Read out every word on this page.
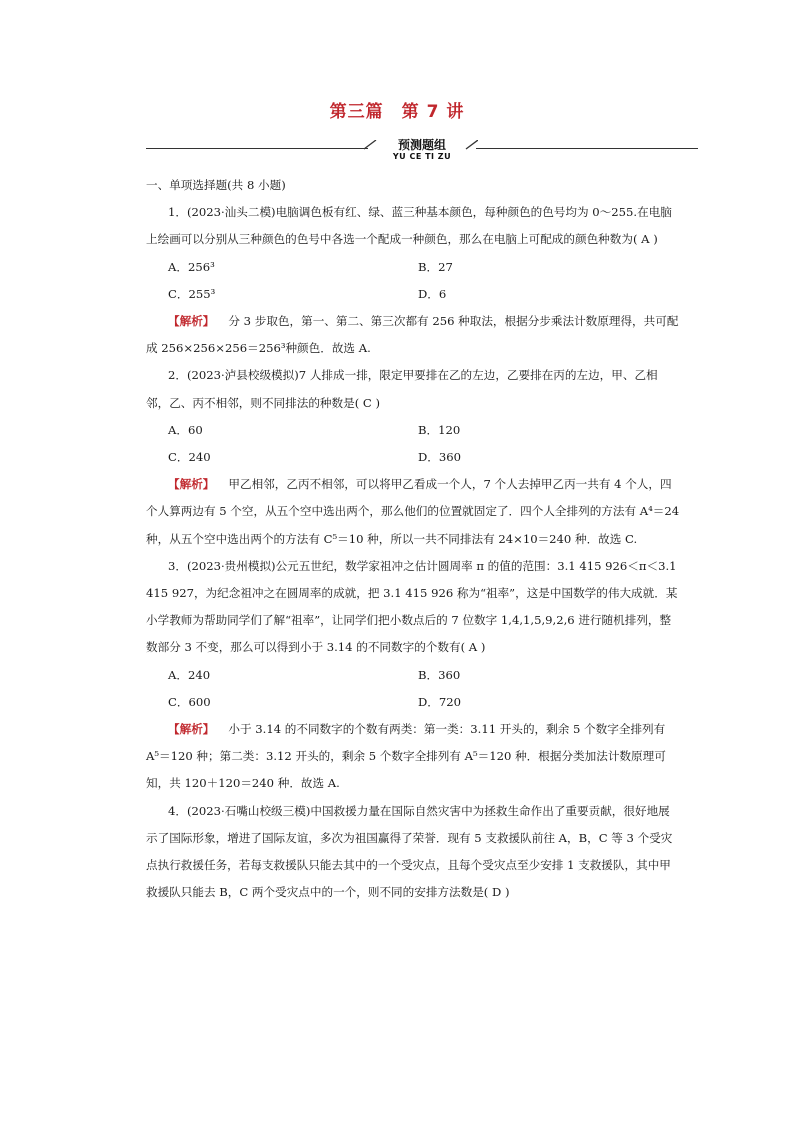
第三篇　第 7 讲
预测题组
YU CE TI ZU

一、单项选择题(共 8 小题)

1．(2023·汕头二模)电脑调色板有红、绿、蓝三种基本颜色，每种颜色的色号均为 0～255.在电脑上绘画可以分别从三种颜色的色号中各选一个配成一种颜色，那么在电脑上可配成的颜色种数为( A )

A．256³	B．27
C．255³	D．6

【解析】 分 3 步取色，第一、第二、第三次都有 256 种取法，根据分步乘法计数原理得，共可配成 256×256×256＝256³种颜色．故选 A.

2．(2023·泸县校级模拟)7 人排成一排，限定甲要排在乙的左边，乙要排在丙的左边，甲、乙相邻，乙、丙不相邻，则不同排法的种数是( C )

A．60	B．120
C．240	D．360

【解析】 甲乙相邻，乙丙不相邻，可以将甲乙看成一个人，7 个人去掉甲乙丙一共有 4 个人，四个人算两边有 5 个空，从五个空中选出两个，那么他们的位置就固定了．四个人全排列的方法有 A⁴＝24 种，从五个空中选出两个的方法有 C⁵＝10 种，所以一共不同排法有 24×10＝240 种．故选 C.

3．(2023·贵州模拟)公元五世纪，数学家祖冲之估计圆周率 π 的值的范围：3.1 415 926＜π＜3.1 415 927，为纪念祖冲之在圆周率的成就，把 3.1 415 926 称为“祖率”，这是中国数学的伟大成就．某小学教师为帮助同学们了解“祖率”，让同学们把小数点后的 7 位数字 1,4,1,5,9,2,6 进行随机排列，整数部分 3 不变，那么可以得到小于 3.14 的不同数字的个数有( A )

A．240	B．360
C．600	D．720

【解析】 小于 3.14 的不同数字的个数有两类：第一类：3.11 开头的，剩余 5 个数字全排列有 A⁵＝120 种；第二类：3.12 开头的，剩余 5 个数字全排列有 A⁵＝120 种．根据分类加法计数原理可知，共 120＋120＝240 种．故选 A.

4．(2023·石嘴山校级三模)中国救援力量在国际自然灾害中为拯救生命作出了重要贡献，很好地展示了国际形象，增进了国际友谊，多次为祖国赢得了荣誉．现有 5 支救援队前往 A，B，C 等 3 个受灾点执行救援任务，若每支救援队只能去其中的一个受灾点，且每个受灾点至少安排 1 支救援队，其中甲救援队只能去 B，C 两个受灾点中的一个，则不同的安排方法数是( D )
